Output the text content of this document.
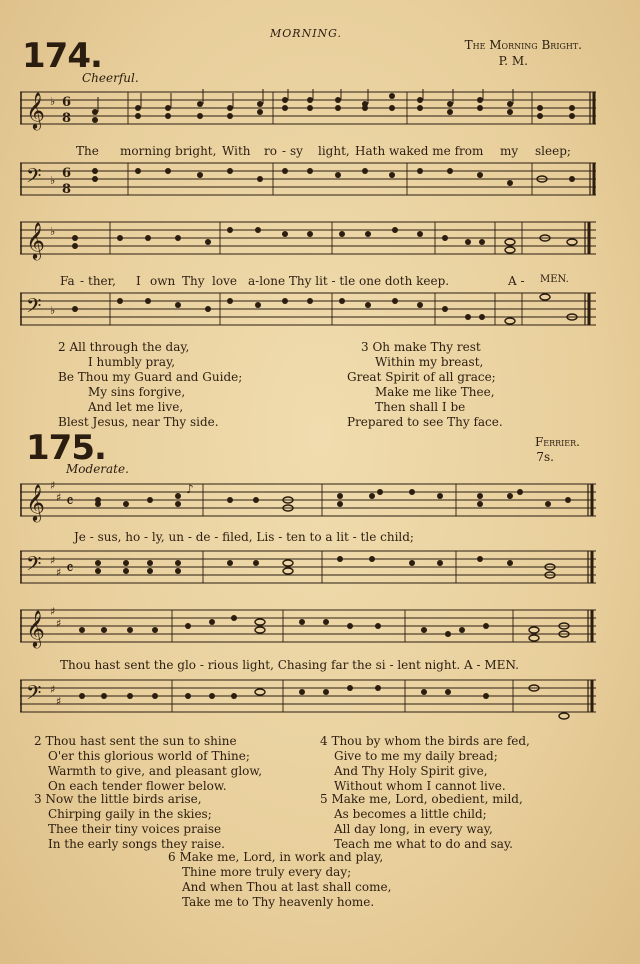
MORNING.
174.	The Morning Bright.
P. M.
Cheerful.
𝄞 ♭ 6
8
The morning bright, With ro - sy light, Hath waked me from my sleep;
𝄢 ♭ 6
8
𝄞 ♭
Fa - ther, I own Thy love a-lone Thy lit - tle one doth keep.	A - MEN.
𝄢 ♭
2 All through the day,
I humbly pray,
Be Thou my Guard and Guide;
My sins forgive,
And let me live,
Blest Jesus, near Thy side.
3 Oh make Thy rest
Within my breast,
Great Spirit of all grace;
Make me like Thee,
Then shall I be
Prepared to see Thy face.
175.	Ferrier.
7s.
Moderate.
𝄞 ♯
♯ 𝄴
♪
Je - sus, ho - ly, un - de - filed, Lis - ten to a lit - tle child;
𝄢 ♯
♯ 𝄴
𝄞 ♯
♯
Thou hast sent the glo - rious light, Chasing far the si - lent night. A - MEN.
𝄢 ♯
♯
2 Thou hast sent the sun to shine
O'er this glorious world of Thine;
Warmth to give, and pleasant glow,
On each tender flower below.
3 Now the little birds arise,
Chirping gaily in the skies;
Thee their tiny voices praise
In the early songs they raise.
4 Thou by whom the birds are fed,
Give to me my daily bread;
And Thy Holy Spirit give,
Without whom I cannot live.
5 Make me, Lord, obedient, mild,
As becomes a little child;
All day long, in every way,
Teach me what to do and say.
6 Make me, Lord, in work and play,
Thine more truly every day;
And when Thou at last shall come,
Take me to Thy heavenly home.
